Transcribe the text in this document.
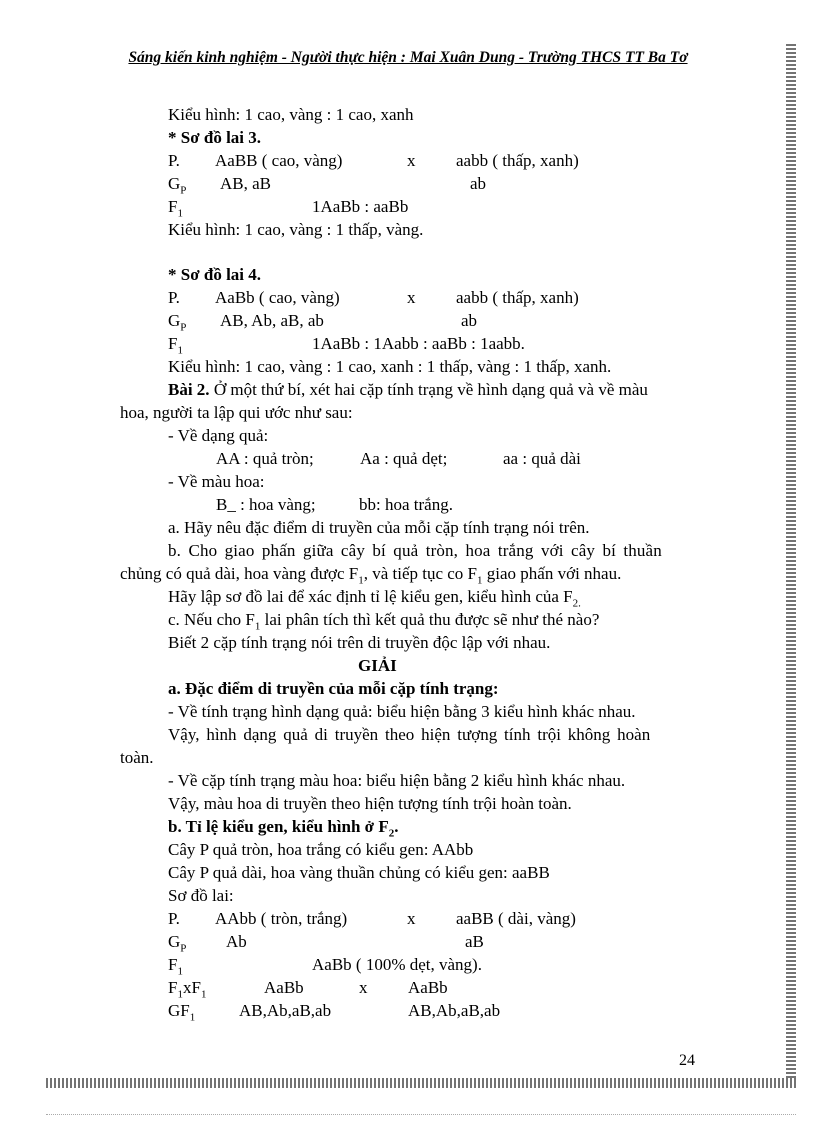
Sáng kiến kinh nghiệm - Người thực hiện : Mai Xuân Dung - Trường THCS TT Ba Tơ
Kiểu hình: 1 cao, vàng : 1 cao, xanh
* Sơ đồ lai 3.
P. AaBB ( cao, vàng)	x aabb ( thấp, xanh)
$G_P$ AB, aB	ab
$F_1$	1AaBb : aaBb
Kiểu hình: 1 cao, vàng : 1 thấp, vàng.
* Sơ đồ lai 4.
P. AaBb ( cao, vàng)	x aabb ( thấp, xanh)
$G_P$ AB, Ab, aB, ab	ab
$F_1$	1AaBb : 1Aabb : aaBb : 1aabb.
Kiểu hình: 1 cao, vàng : 1 cao, xanh : 1 thấp, vàng : 1 thấp, xanh.
Bài 2. Ở một thứ bí, xét hai cặp tính trạng về hình dạng quả và về màu
hoa, người ta lập qui ước như sau:
- Về dạng quả:
AA : quả tròn;	Aa : quả dẹt;	aa : quả dài
- Về màu hoa:
B_ : hoa vàng;	bb: hoa trắng.
a. Hãy nêu đặc điểm di truyền của mỗi cặp tính trạng nói trên.
b. Cho giao phấn giữa cây bí quả tròn, hoa trắng với cây bí thuần
chủng có quả dài, hoa vàng được $F_1$, và tiếp tục co $F_1$ giao phấn với nhau.
Hãy lập sơ đồ lai để xác định tỉ lệ kiểu gen, kiểu hình của $F_{2.}$
c. Nếu cho $F_1$ lai phân tích thì kết quả thu được sẽ như thé nào?
Biết 2 cặp tính trạng nói trên di truyền độc lập với nhau.
GIẢI
a. Đặc điểm di truyền của mỗi cặp tính trạng:
- Về tính trạng hình dạng quả: biểu hiện bằng 3 kiểu hình khác nhau.
Vậy, hình dạng quả di truyền theo hiện tượng tính trội không hoàn
toàn.
- Về cặp tính trạng màu hoa: biểu hiện bằng 2 kiểu hình khác nhau.
Vậy, màu hoa di truyền theo hiện tượng tính trội hoàn toàn.
b. Tỉ lệ kiểu gen, kiểu hình ở $F_2$.
Cây P quả tròn, hoa trắng có kiểu gen: AAbb
Cây P quả dài, hoa vàng thuần chủng có kiểu gen: aaBB
Sơ đồ lai:
P. AAbb ( tròn, trắng)	x aaBB ( dài, vàng)
$G_P$ Ab	aB
$F_1$	AaBb ( 100% dẹt, vàng).
$F_1xF_1$	AaBb	x AaBb
$GF_1$	AB,Ab,aB,ab	AB,Ab,aB,ab
24
